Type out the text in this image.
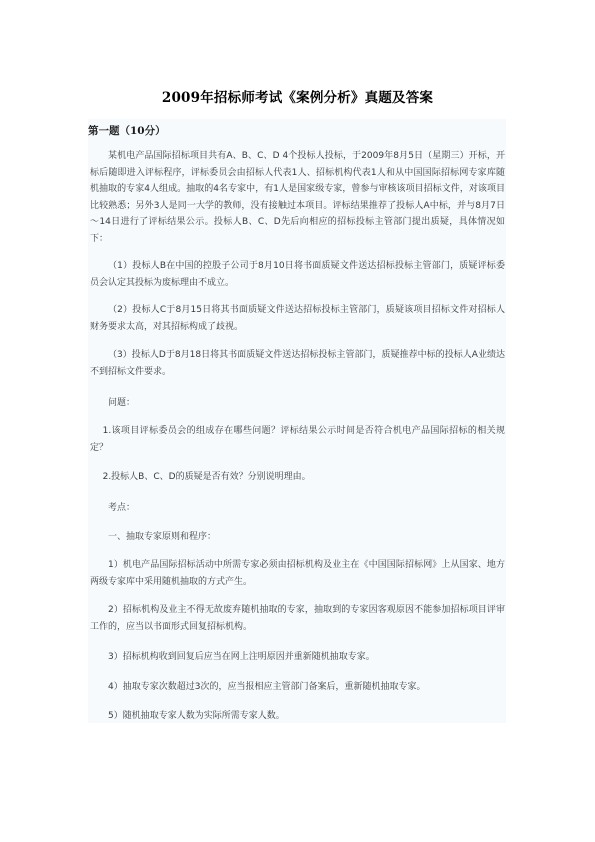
2009年招标师考试《案例分析》真题及答案
第一题（10分）

某机电产品国际招标项目共有A、B、C、D 4个投标人投标，于2009年8月5日（星期三）开标，开标后随即进入评标程序，评标委员会由招标人代表1人、招标机构代表1人和从中国国际招标网专家库随机抽取的专家4人组成。抽取的4名专家中，有1人是国家级专家，曾参与审核该项目招标文件，对该项目比较熟悉；另外3人是同一大学的教师，没有接触过本项目。评标结果推荐了投标人A中标，并与8月7日～14日进行了评标结果公示。投标人B、C、D先后向相应的招标投标主管部门提出质疑，具体情况如下：

（1）投标人B在中国的控股子公司于8月10日将书面质疑文件送达招标投标主管部门，质疑评标委员会认定其投标为废标理由不成立。

（2）投标人C于8月15日将其书面质疑文件送达招标投标主管部门，质疑该项目招标文件对招标人财务要求太高，对其招标构成了歧视。

（3）投标人D于8月18日将其书面质疑文件送达招标投标主管部门，质疑推荐中标的投标人A业绩达不到招标文件要求。

问题：

1.该项目评标委员会的组成存在哪些问题？评标结果公示时间是否符合机电产品国际招标的相关规定？

2.投标人B、C、D的质疑是否有效？分别说明理由。

考点：

一、抽取专家原则和程序：

1）机电产品国际招标活动中所需专家必须由招标机构及业主在《中国国际招标网》上从国家、地方两级专家库中采用随机抽取的方式产生。

2）招标机构及业主不得无故废弃随机抽取的专家，抽取到的专家因客观原因不能参加招标项目评审工作的，应当以书面形式回复招标机构。

3）招标机构收到回复后应当在网上注明原因并重新随机抽取专家。

4）抽取专家次数超过3次的，应当报相应主管部门备案后，重新随机抽取专家。

5）随机抽取专家人数为实际所需专家人数。
